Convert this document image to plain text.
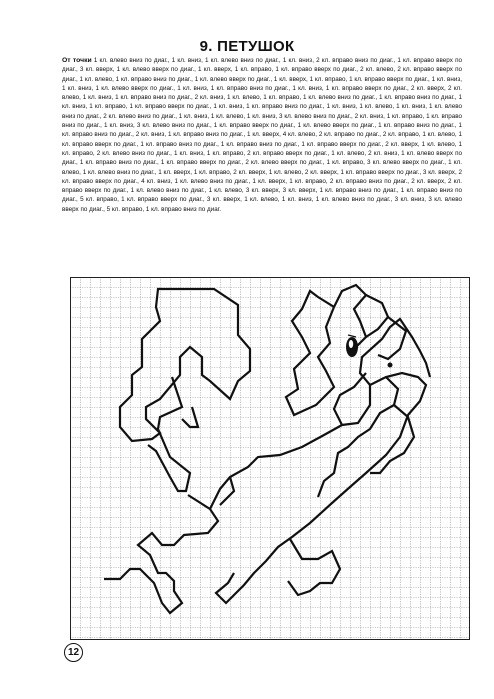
9. ПЕТУШОК
От точки 1 кл. влево вниз по диаг., 1 кл. вниз, 1 кл. влево вниз по диаг., 1 кл. вниз, 2 кл. вправо вниз по диаг., 1 кл. вправо вверх по диаг., 3 кл. вверх, 1 кл. влево вверх по диаг., 1 кл. вверх, 1 кл. вправо, 1 кл. вправо вверх по диаг., 2 кл. влево, 2 кл. вправо вверх по диаг., 1 кл. влево, 1 кл. вправо вниз по диаг., 1 кл. влево вверх по диаг., 1 кл. вверх, 1 кл. вправо, 1 кл. вправо вверх по диаг., 1 кл. вниз, 1 кл. вниз, 1 кл. влево вверх по диаг., 1 кл. вниз, 1 кл. вправо вниз по диаг., 1 кл. вниз, 1 кл. вправо вверх по диаг., 2 кл. вверх, 2 кл. влево, 1 кл. вниз, 1 кл. вправо вниз по диаг., 2 кл. вниз, 1 кл. влево, 1 кл. вправо, 1 кл. влево вниз по диаг., 1 кл. вправо вниз по диаг., 1 кл. вниз, 1 кл. вправо, 1 кл. вправо вверх по диаг., 1 кл. вниз, 1 кл. вправо вниз по диаг., 1 кл. вниз, 1 кл. влево, 1 кл. вниз, 1 кл. влево вниз по диаг., 2 кл. влево вниз по диаг., 1 кл. вниз, 1 кл. влево, 1 кл. вниз, 3 кл. влево вниз по диаг., 2 кл. вниз, 1 кл. вправо, 1 кл. вправо вниз по диаг., 1 кл. вниз, 3 кл. влево вниз по диаг., 1 кл. вправо вверх по диаг., 1 кл. влево вверх по диаг., 1 кл. вправо вниз по диаг., 1 кл. вправо вниз по диаг., 2 кл. вниз, 1 кл. вправо вниз по диаг., 1 кл. вверх, 4 кл. влево, 2 кл. вправо по диаг., 2 кл. вправо, 1 кл. влево, 1 кл. вправо вверх по диаг., 1 кл. вправо вниз по диаг., 1 кл. вправо вниз по диаг., 1 кл. вправо вверх по диаг., 2 кл. вверх, 1 кл. влево, 1 кл. вправо, 2 кл. влево вниз по диаг., 1 кл. вниз, 1 кл. вправо, 2 кл. вправо вверх по диаг., 1 кл. влево, 2 кл. вниз, 1 кл. влево вверх по диаг., 1 кл. вправо вниз по диаг., 1 кл. вправо вверх по диаг., 2 кл. влево вверх по диаг., 1 кл. вправо, 3 кл. влево вверх по диаг., 1 кл. влево, 1 кл. влево вниз по диаг., 1 кл. вверх, 1 кл. вправо, 2 кл. вверх, 1 кл. влево, 2 кл. вверх, 1 кл. вправо вверх по диаг., 3 кл. вверх, 2 кл. вправо вверх по диаг., 4 кл. вниз, 1 кл. влево вниз по диаг., 1 кл. вверх, 1 кл. вправо, 2 кл. вправо вниз по диаг., 2 кл. вверх, 2 кл. вправо вверх по диаг., 1 кл. влево вниз по диаг., 1 кл. влево, 3 кл. вверх, 3 кл. вверх, 1 кл. вправо вниз по диаг., 1 кл. вправо вниз по диаг., 5 кл. вправо, 1 кл. вправо вверх по диаг., 3 кл. вверх, 1 кл. влево, 1 кл. вниз, 1 кл. влево вниз по диаг., 3 кл. вниз, 3 кл. влево вверх по диаг., 5 кл. вправо, 1 кл. вправо вниз по диаг.
12
